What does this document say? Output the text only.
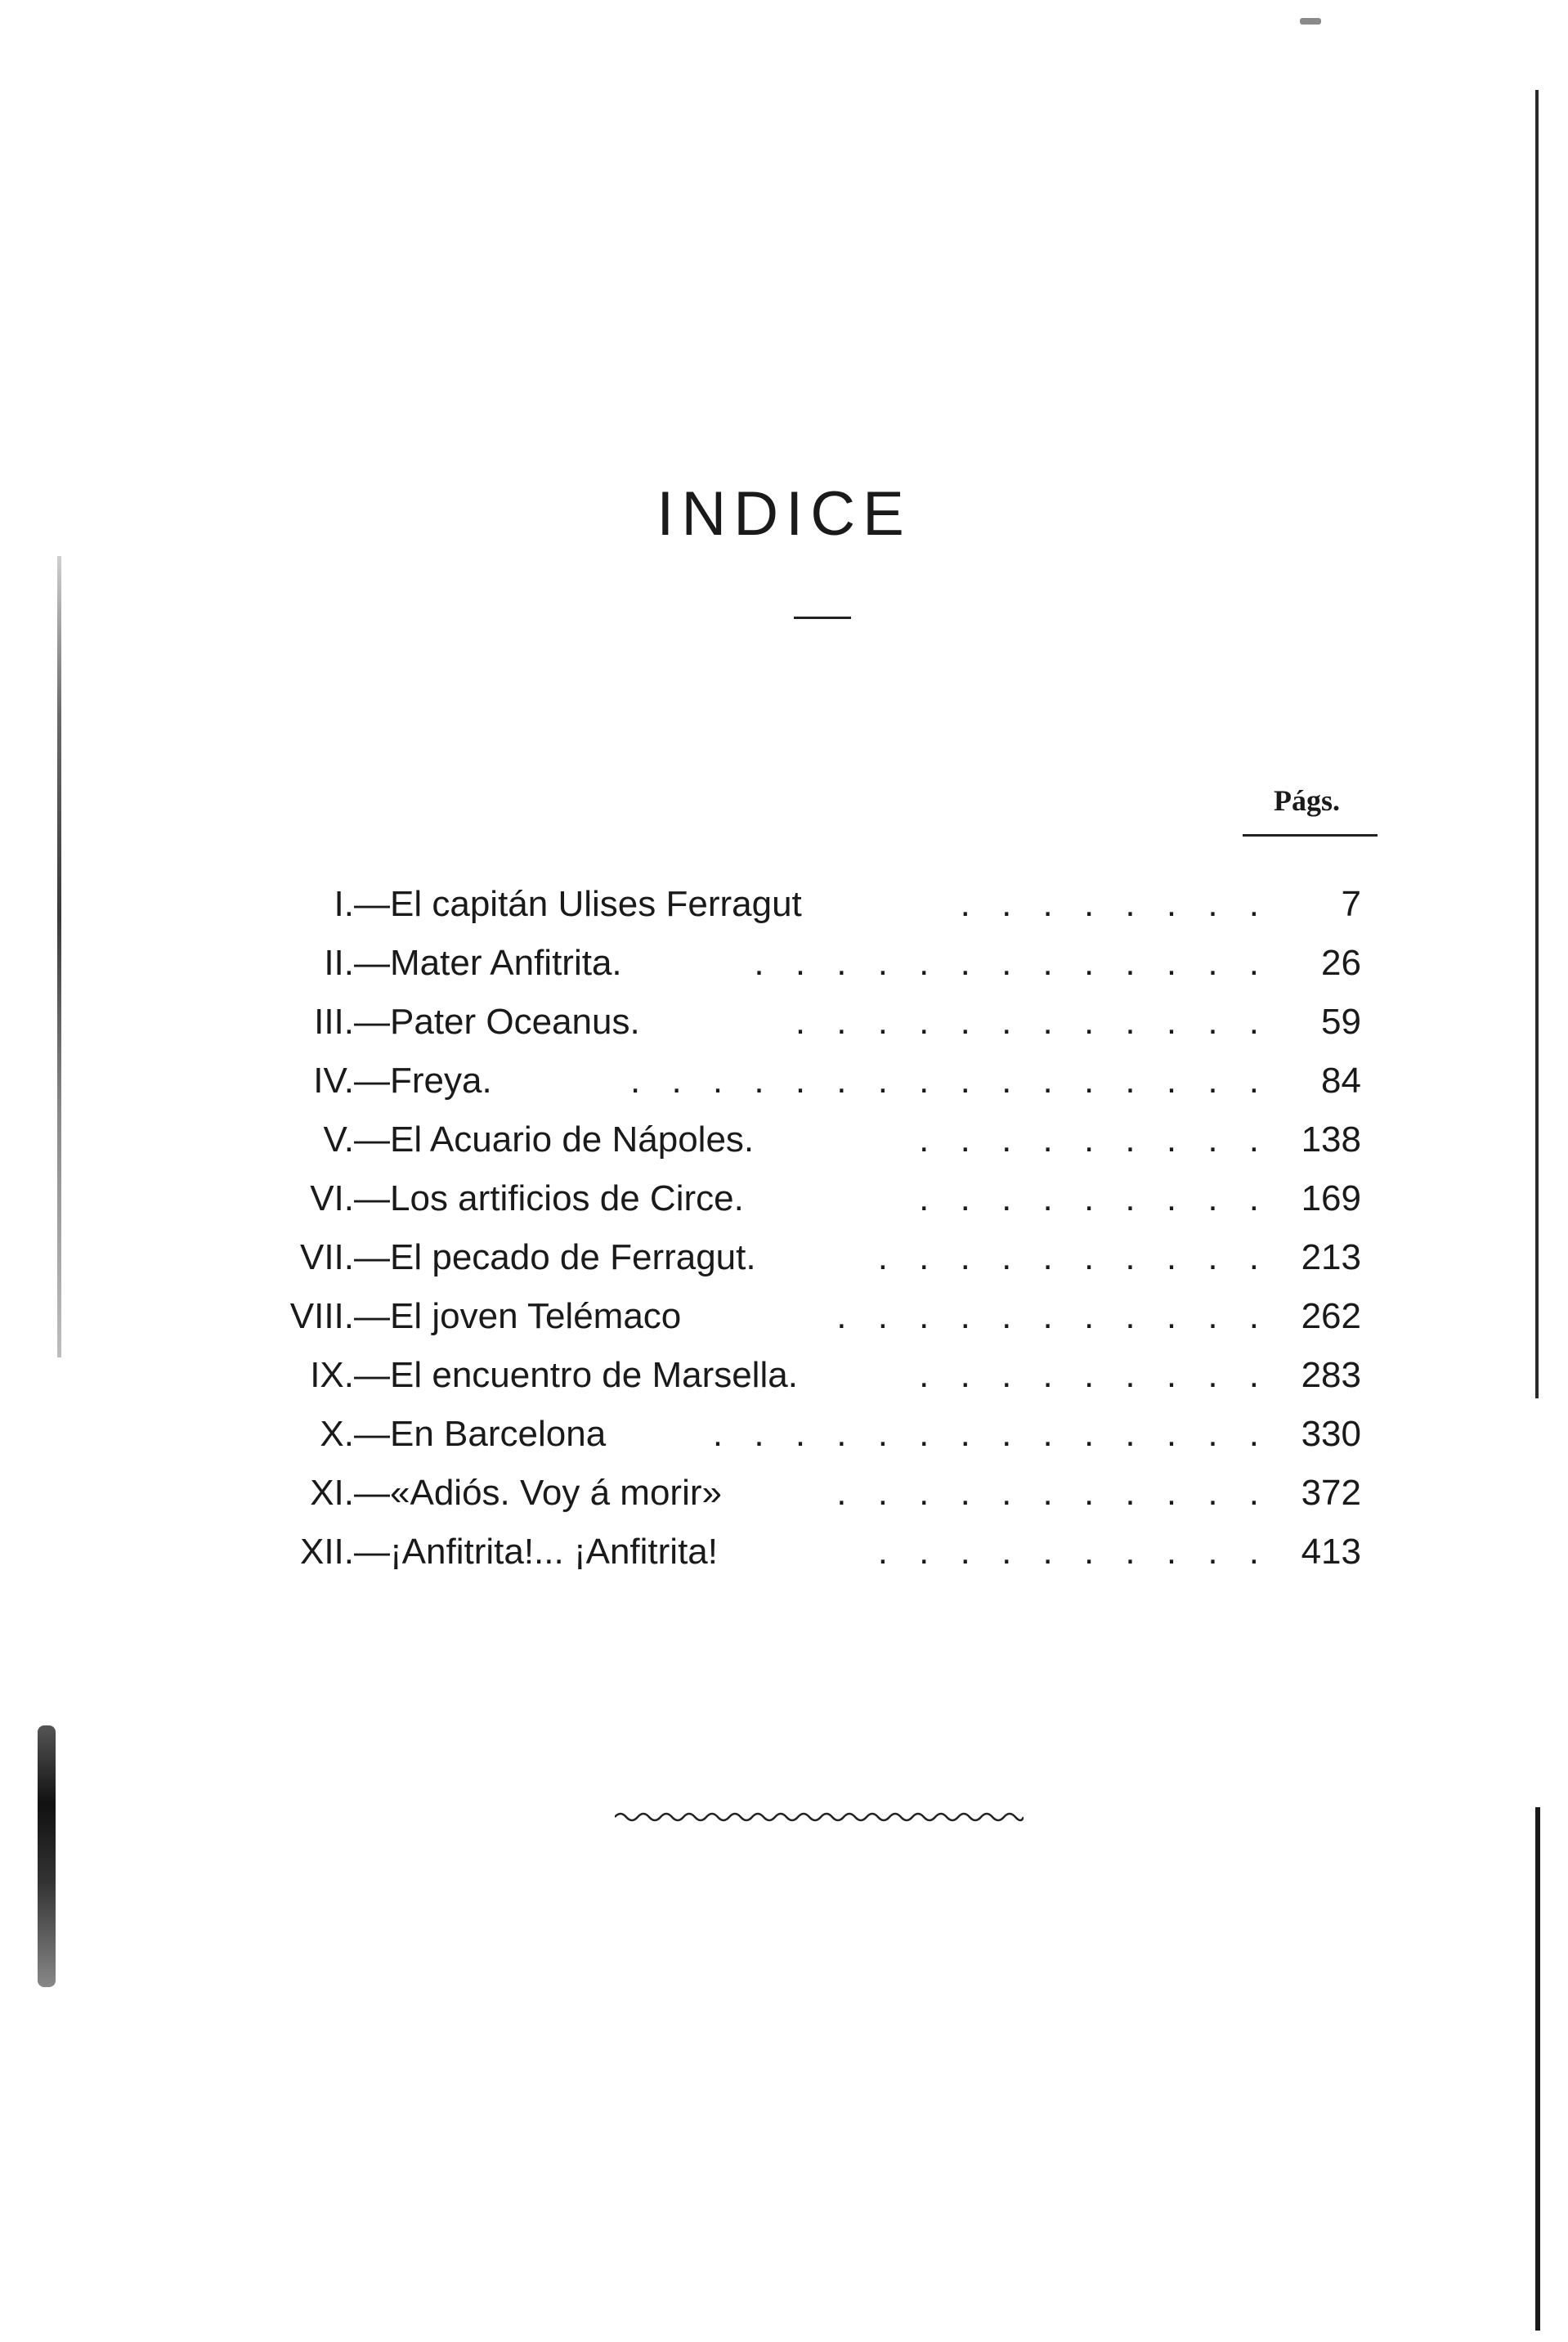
INDICE
Págs.
. . . . . . . .
I. —El capitán Ulises Ferragut	7
. . . . . . . . . . . . .
II. —Mater Anfitrita.	26
. . . . . . . . . . . .
III. —Pater Oceanus.	59
. . . . . . . . . . . . . . . .
IV. —Freya.	84
. . . . . . . . .
V. —El Acuario de Nápoles.	138
. . . . . . . . .
VI. —Los artificios de Circe.	169
. . . . . . . . . .
VII. —El pecado de Ferragut.	213
. . . . . . . . . . .
VIII. —El joven Telémaco	262
. . . . . . . . .
IX. —El encuentro de Marsella.	283
. . . . . . . . . . . . . .
X. —En Barcelona	330
. . . . . . . . . . .
XI. —«Adiós. Voy á morir»	372
. . . . . . . . . .
XII. —¡Anfitrita!... ¡Anfitrita!	413
